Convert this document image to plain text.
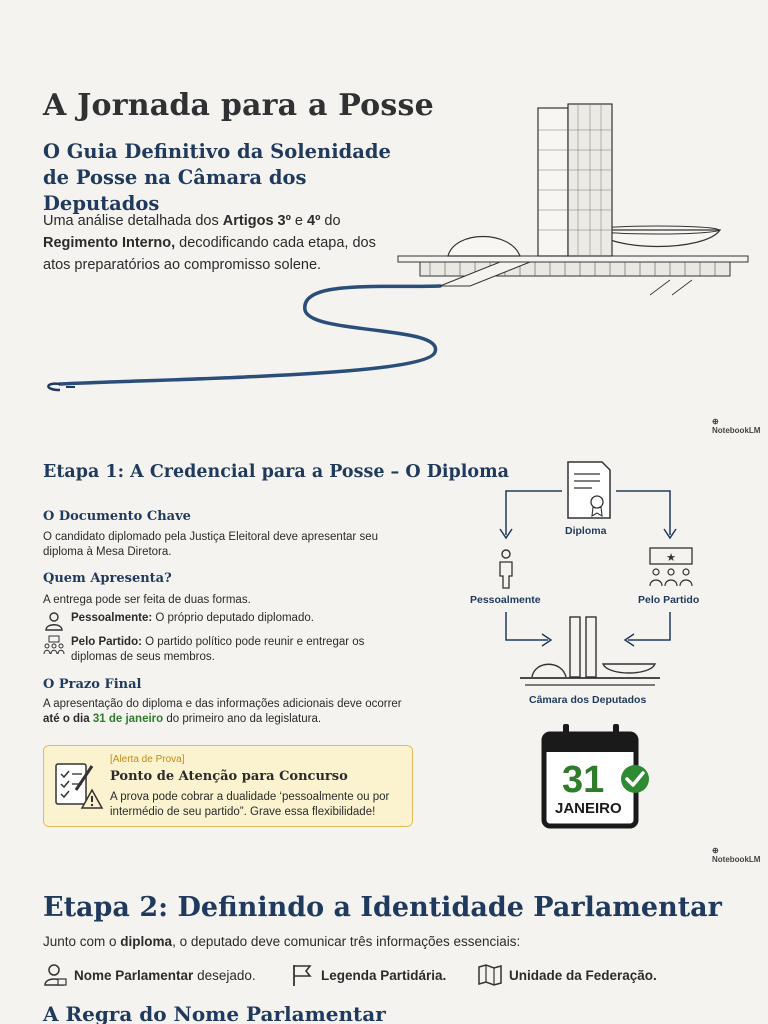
A Jornada para a Posse
O Guia Definitivo da Solenidade de Posse na Câmara dos Deputados
Uma análise detalhada dos Artigos 3º e 4º do Regimento Interno, decodificando cada etapa, dos atos preparatórios ao compromisso solene.
⊕ NotebookLM
Etapa 1: A Credencial para a Posse – O Diploma
O Documento Chave
O candidato diplomado pela Justiça Eleitoral deve apresentar seu diploma à Mesa Diretora.
Quem Apresenta?
A entrega pode ser feita de duas formas.
Pessoalmente: O próprio deputado diplomado.
Pelo Partido: O partido político pode reunir e entregar os diplomas de seus membros.
O Prazo Final
A apresentação do diploma e das informações adicionais deve ocorrer até o dia 31 de janeiro do primeiro ano da legislatura.
[Alerta de Prova]
Ponto de Atenção para Concurso
A prova pode cobrar a dualidade ‘pessoalmente ou por intermédio de seu partido”. Grave essa flexibilidade!
★
Diploma
Pessoalmente	Pelo Partido
Câmara dos Deputados
31
JANEIRO
⊕ NotebookLM
Etapa 2: Definindo a Identidade Parlamentar
Junto com o diploma, o deputado deve comunicar três informações essenciais:
Nome Parlamentar desejado.	Legenda Partidária.	Unidade da Federação.
A Regra do Nome Parlamentar
